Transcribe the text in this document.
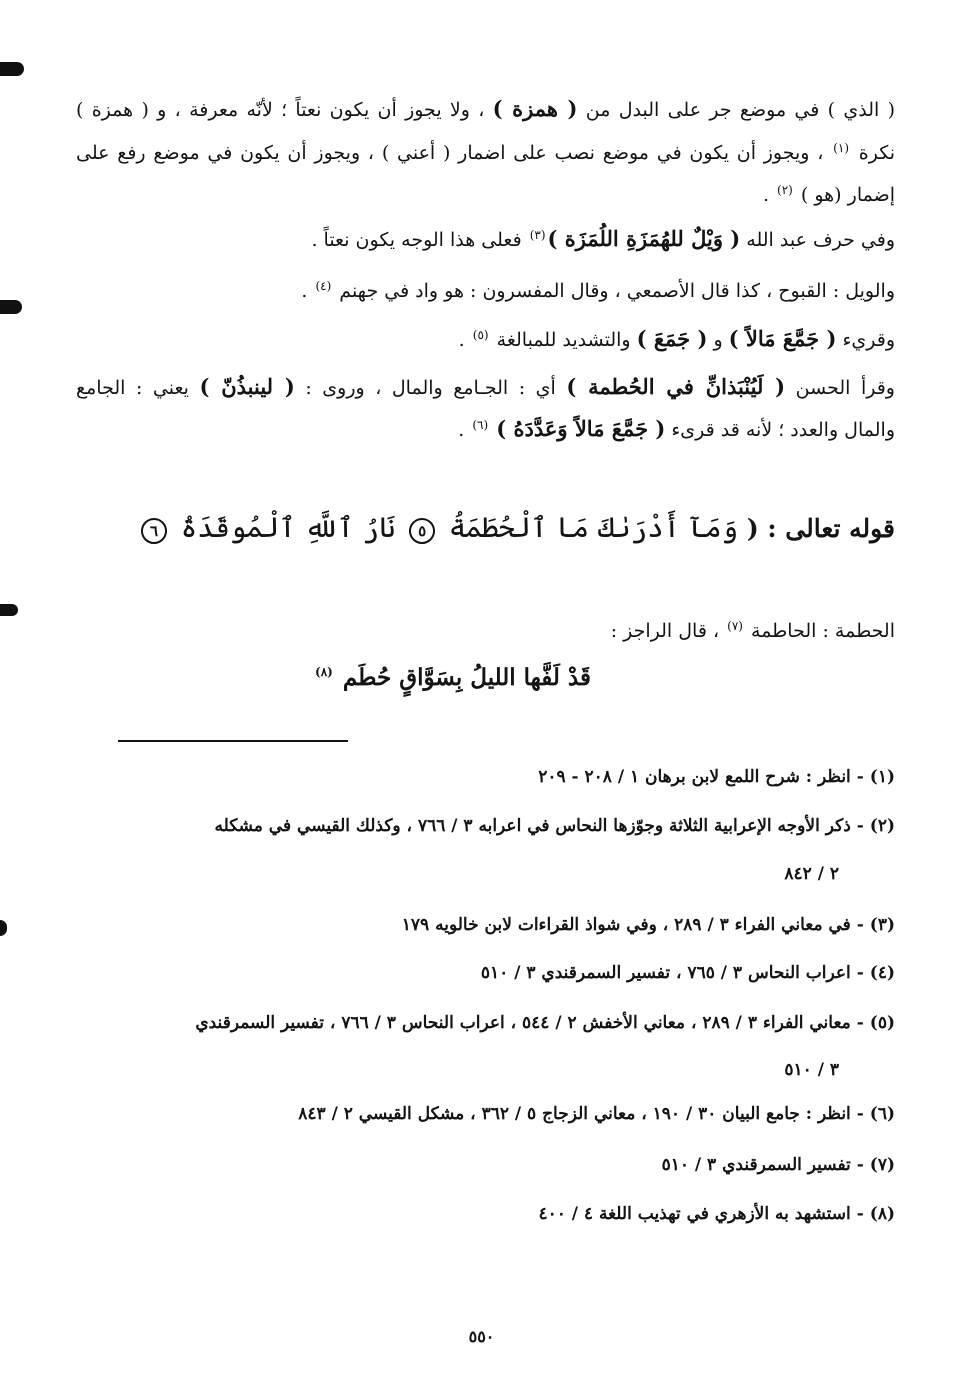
( الذي ) في موضع جر على البدل من ( همزة ) ، ولا يجوز أن يكون نعتاً ؛ لأنّه معرفة ، و ( همزة )
نكرة $^{(١)}$ ، ويجوز أن يكون في موضع نصب على اضمار ( أعني ) ، ويجوز أن يكون في موضع رفع على
إضمار (هو ) $^{(٢)}$ .
وفي حرف عبد الله ( وَيْلٌ للهُمَزَةِ اللُمَزَة )$^{(٣)}$ فعلى هذا الوجه يكون نعتاً .
والويل : القبوح ، كذا قال الأصمعي ، وقال المفسرون : هو واد في جهنم $^{(٤)}$ .
وقريء ( جَمَّعَ مَالاً ) و ( جَمَعَ ) والتشديد للمبالغة $^{(٥)}$ .
وقرأ الحسن ( لَيُنْبَذانِّ في الحُطمة ) أي : الجـامع والمال ، وروى : ( لينبذُنّ ) يعني : الجامع
والمال والعدد ؛ لأنه قد قرىء ( جَمَّعَ مَالاً وَعَدَّدَهُ ) $^{(٦)}$ .
قوله تعالى : ( وَمَآ أَدْرَىٰكَ مَا ٱلْحُطَمَةُ ٥ نَارُ ٱللَّهِ ٱلْمُوقَدَةُ ٦
الحطمة : الحاطمة $^{(٧)}$ ، قال الراجز :
قَدْ لَفَّها الليلُ بِسَوَّاقٍ حُطَم $^{(٨)}$
(١) -انظر : شرح اللمع لابن برهان ١ / ٢٠٨ - ٢٠٩
(٢) -ذكر الأوجه الإعرابية الثلاثة وجوّزها النحاس في اعرابه ٣ / ٧٦٦ ، وكذلك القيسي في مشكله
٢ / ٨٤٢
(٣) -في معاني الفراء ٣ / ٢٨٩ ، وفي شواذ القراءات لابن خالويه ١٧٩
(٤) -اعراب النحاس ٣ / ٧٦٥ ، تفسير السمرقندي ٣ / ٥١٠
(٥) -معاني الفراء ٣ / ٢٨٩ ، معاني الأخفش ٢ / ٥٤٤ ، اعراب النحاس ٣ / ٧٦٦ ، تفسير السمرقندي
٣ / ٥١٠
(٦) -انظر : جامع البيان ٣٠ / ١٩٠ ، معاني الزجاج ٥ / ٣٦٢ ، مشكل القيسي ٢ / ٨٤٣
(٧) -تفسير السمرقندي ٣ / ٥١٠
(٨) -استشهد به الأزهري في تهذيب اللغة ٤ / ٤٠٠
٥٥٠
